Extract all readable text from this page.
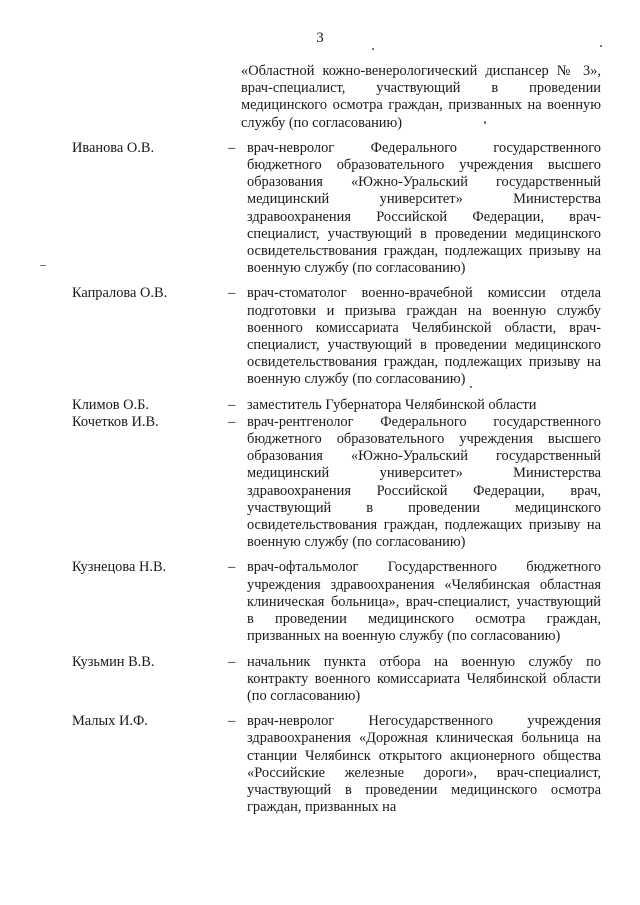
3
«Областной кожно-венерологический диспансер № 3», врач-специалист, участвующий в проведении медицинского осмотра граждан, призванных на военную службу (по согласованию)
Иванова О.В.	– врач-невролог Федерального государственного бюджетного образовательного учреждения высшего образования «Южно-Уральский государственный медицинский университет» Министерства здравоохранения Российской Федерации, врач-специалист, участвующий в проведении медицинского освидетельствования граждан, подлежащих призыву на военную службу (по согласованию)
Капралова О.В.	– врач-стоматолог военно-врачебной комиссии отдела подготовки и призыва граждан на военную службу военного комиссариата Челябинской области, врач-специалист, участвующий в проведении медицинского освидетельствования граждан, подлежащих призыву на военную службу (по согласованию)
Климов О.Б.	– заместитель Губернатора Челябинской области
Кочетков И.В.	– врач-рентгенолог Федерального государственного бюджетного образовательного учреждения высшего образования «Южно-Уральский государственный медицинский университет» Министерства здравоохранения Российской Федерации, врач, участвующий в проведении медицинского освидетельствования граждан, подлежащих призыву на военную службу (по согласованию)
Кузнецова Н.В.	– врач-офтальмолог Государственного бюджетного учреждения здравоохранения «Челябинская областная клиническая больница», врач-специалист, участвующий в проведении медицинского осмотра граждан, призванных на военную службу (по согласованию)
Кузьмин В.В.	– начальник пункта отбора на военную службу по контракту военного комиссариата Челябинской области (по согласованию)
Малых И.Ф.	– врач-невролог Негосударственного учреждения здравоохранения «Дорожная клиническая больница на станции Челябинск открытого акционерного общества «Российские железные дороги», врач-специалист, участвующий в проведении медицинского осмотра граждан, призванных на
